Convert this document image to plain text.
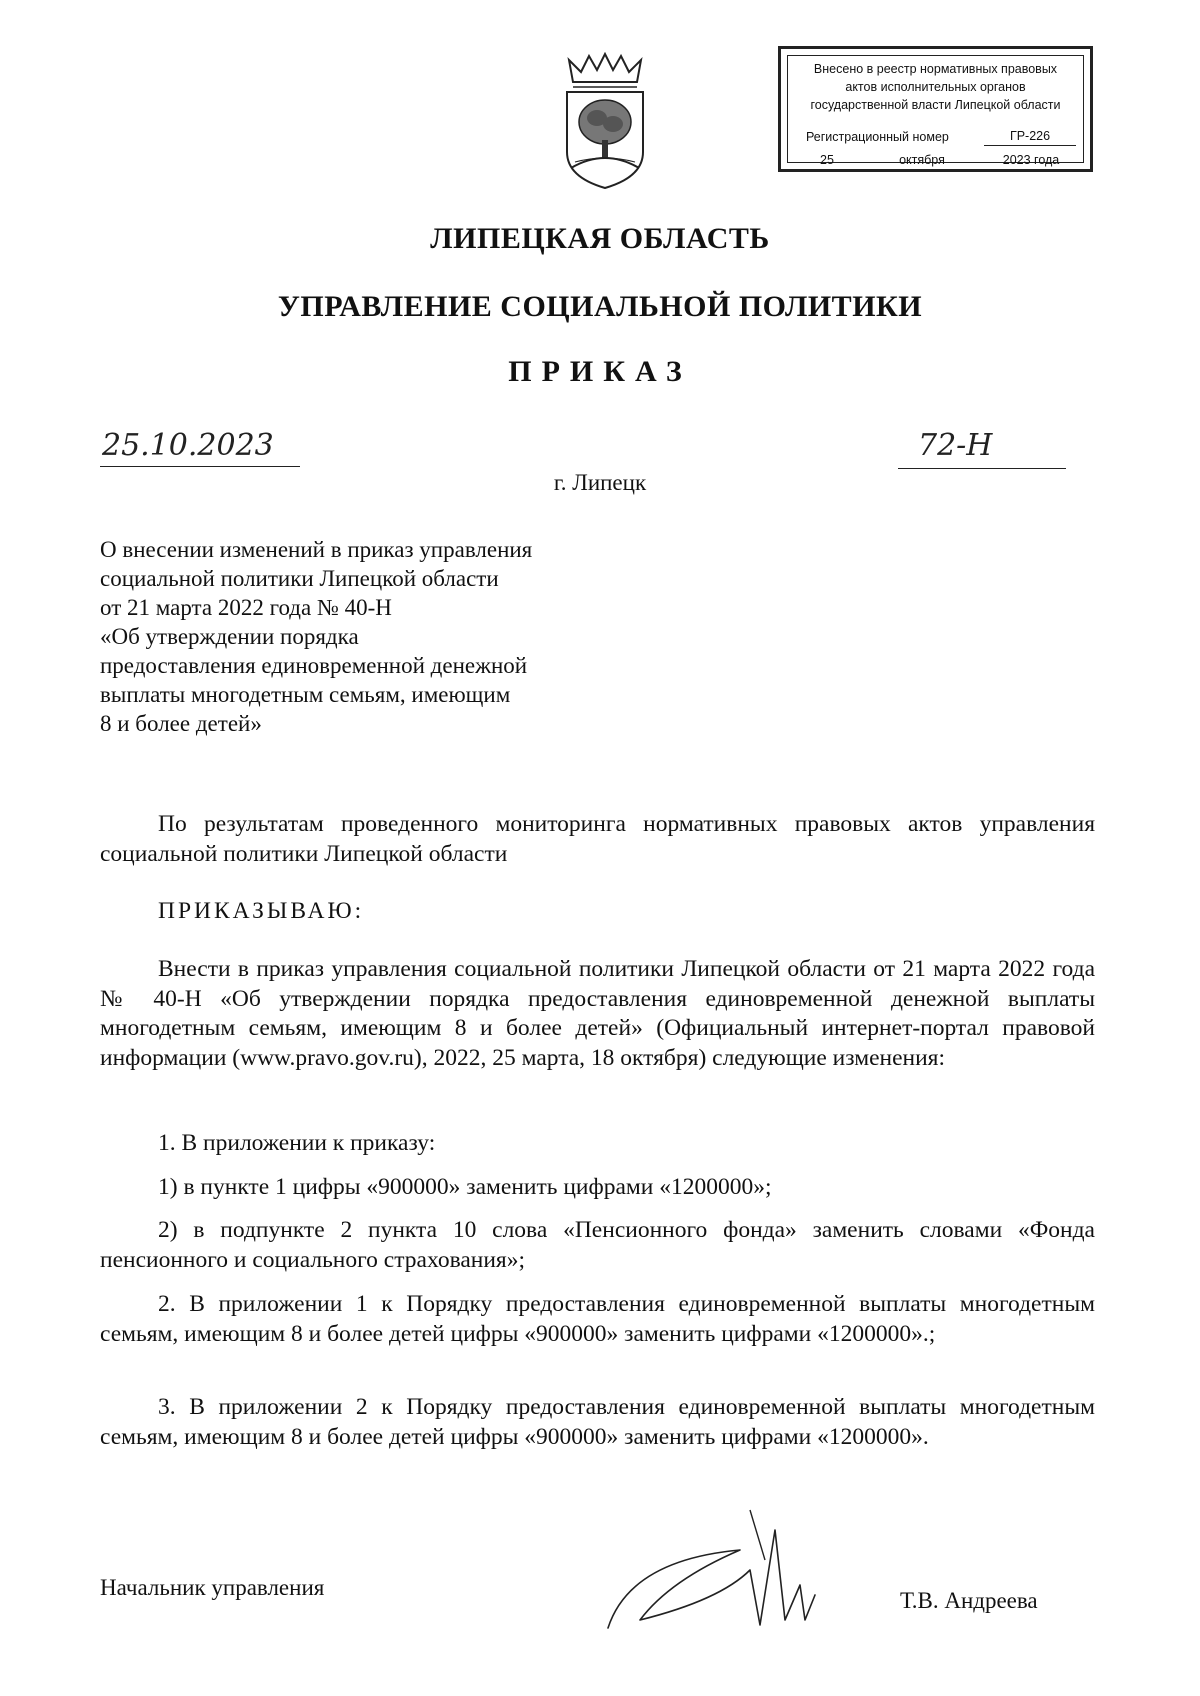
Внесено в реестр нормативных правовых
актов исполнительных органов
государственной власти Липецкой области
Регистрационный номер	ГР-226
25	октября	2023 года
ЛИПЕЦКАЯ ОБЛАСТЬ
УПРАВЛЕНИЕ СОЦИАЛЬНОЙ ПОЛИТИКИ
ПРИКАЗ
25.10.2023	72-Н
г. Липецк
О внесении изменений в приказ управления
социальной политики Липецкой области
от 21 марта 2022 года № 40-Н
«Об утверждении порядка
предоставления единовременной денежной
выплаты многодетным семьям, имеющим
8 и более детей»
По результатам проведенного мониторинга нормативных правовых актов управления социальной политики Липецкой области
ПРИКАЗЫВАЮ:
Внести в приказ управления социальной политики Липецкой области от 21 марта 2022 года № 40-Н «Об утверждении порядка предоставления единовременной денежной выплаты многодетным семьям, имеющим 8 и более детей» (Официальный интернет-портал правовой информации (www.pravo.gov.ru), 2022, 25 марта, 18 октября) следующие изменения:
1. В приложении к приказу:
1) в пункте 1 цифры «900000» заменить цифрами «1200000»;
2) в подпункте 2 пункта 10 слова «Пенсионного фонда» заменить словами «Фонда пенсионного и социального страхования»;
2. В приложении 1 к Порядку предоставления единовременной выплаты многодетным семьям, имеющим 8 и более детей цифры «900000» заменить цифрами «1200000».;
3. В приложении 2 к Порядку предоставления единовременной выплаты многодетным семьям, имеющим 8 и более детей цифры «900000» заменить цифрами «1200000».
Начальник управления
Т.В. Андреева
